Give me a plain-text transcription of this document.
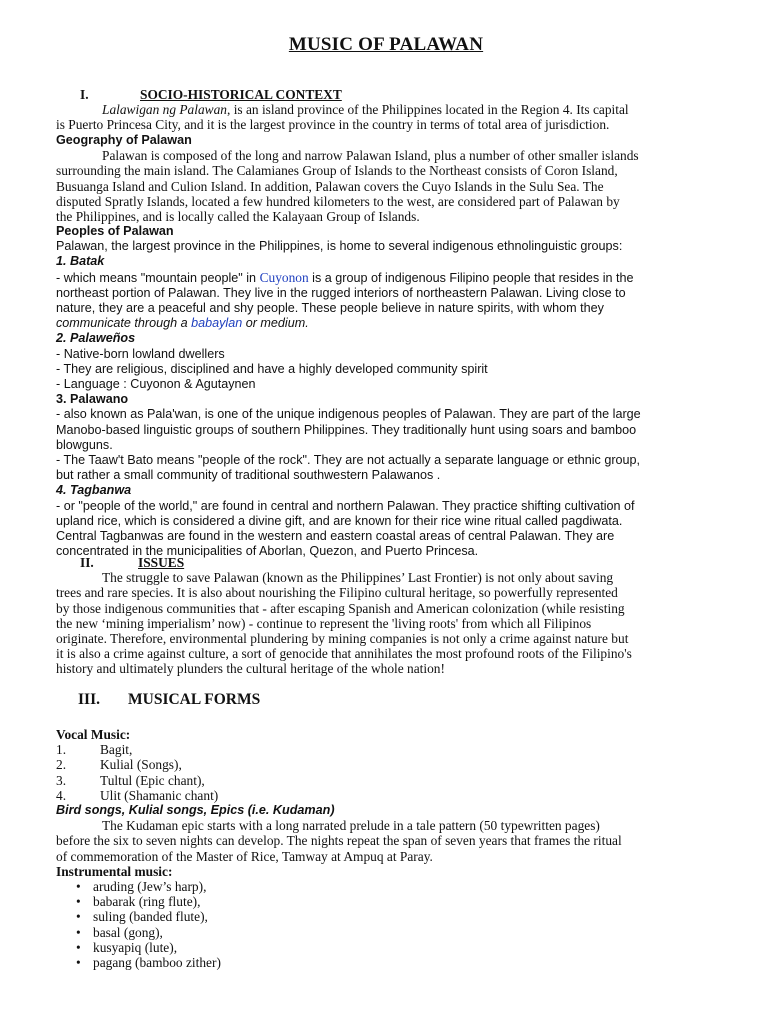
MUSIC OF PALAWAN
I.	SOCIO-HISTORICAL CONTEXT
Lalawigan ng Palawan, is an island province of the Philippines located in the Region 4. Its capital
is Puerto Princesa City, and it is the largest province in the country in terms of total area of jurisdiction.
Geography of Palawan
Palawan is composed of the long and narrow Palawan Island, plus a number of other smaller islands
surrounding the main island. The Calamianes Group of Islands to the Northeast consists of Coron Island,
Busuanga Island and Culion Island. In addition, Palawan covers the Cuyo Islands in the Sulu Sea. The
disputed Spratly Islands, located a few hundred kilometers to the west, are considered part of Palawan by
the Philippines, and is locally called the Kalayaan Group of Islands.
Peoples of Palawan
Palawan, the largest province in the Philippines, is home to several indigenous ethnolinguistic groups:
1. Batak
- which means "mountain people" in Cuyonon is a group of indigenous Filipino people that resides in the
northeast portion of Palawan. They live in the rugged interiors of northeastern Palawan. Living close to
nature, they are a peaceful and shy people. These people believe in nature spirits, with whom they
communicate through a babaylan or medium.
2. Palaweños
- Native-born lowland dwellers
- They are religious, disciplined and have a highly developed community spirit
- Language : Cuyonon & Agutaynen
3. Palawano
- also known as Pala'wan, is one of the unique indigenous peoples of Palawan. They are part of the large
Manobo-based linguistic groups of southern Philippines. They traditionally hunt using soars and bamboo
blowguns.
- The Taaw't Bato means "people of the rock". They are not actually a separate language or ethnic group,
but rather a small community of traditional southwestern Palawanos .
4. Tagbanwa
- or "people of the world," are found in central and northern Palawan. They practice shifting cultivation of
upland rice, which is considered a divine gift, and are known for their rice wine ritual called pagdiwata.
Central Tagbanwas are found in the western and eastern coastal areas of central Palawan. They are
concentrated in the municipalities of Aborlan, Quezon, and Puerto Princesa.
II.	ISSUES
The struggle to save Palawan (known as the Philippines’ Last Frontier) is not only about saving
trees and rare species. It is also about nourishing the Filipino cultural heritage, so powerfully represented
by those indigenous communities that - after escaping Spanish and American colonization (while resisting
the new ‘mining imperialism’ now) - continue to represent the 'living roots' from which all Filipinos
originate. Therefore, environmental plundering by mining companies is not only a crime against nature but
it is also a crime against culture, a sort of genocide that annihilates the most profound roots of the Filipino's
history and ultimately plunders the cultural heritage of the whole nation!
III. MUSICAL FORMS
Vocal Music:
1.	Bagit,
2.	Kulial (Songs),
3.	Tultul (Epic chant),
4.	Ulit (Shamanic chant)
Bird songs, Kulial songs, Epics (i.e. Kudaman)
The Kudaman epic starts with a long narrated prelude in a tale pattern (50 typewritten pages)
before the six to seven nights can develop. The nights repeat the span of seven years that frames the ritual
of commemoration of the Master of Rice, Tamway at Ampuq at Paray.
Instrumental music:
• aruding (Jew’s harp),
• babarak (ring flute),
• suling (banded flute),
• basal (gong),
• kusyapiq (lute),
• pagang (bamboo zither)
